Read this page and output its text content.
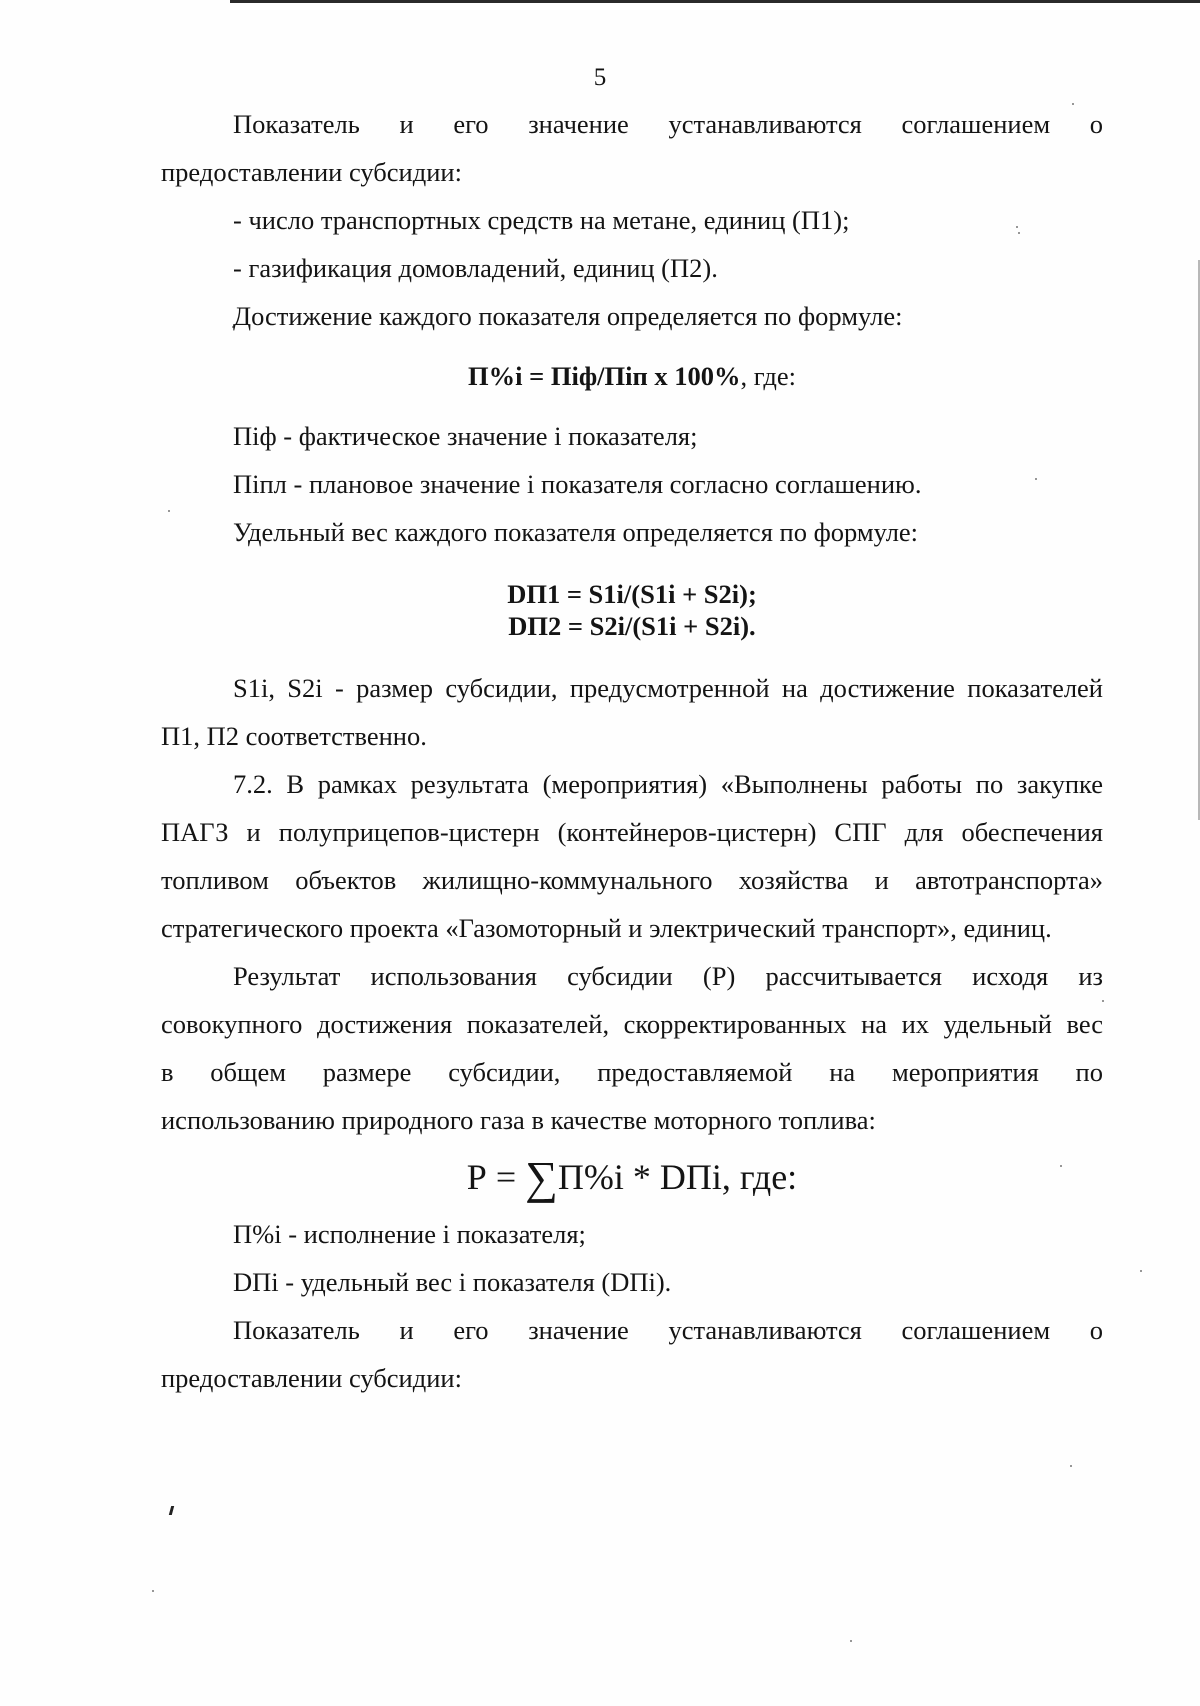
5
Показатель и его значение устанавливаются соглашением о
предоставлении субсидии:
- число транспортных средств на метане, единиц (П1);
- газификация домовладений, единиц (П2).
Достижение каждого показателя определяется по формуле:
П%i = Піф/Піп x 100%, где:
Піф - фактическое значение і показателя;
Піпл - плановое значение і показателя согласно соглашению.
Удельный вес каждого показателя определяется по формуле:
DП1 = S1i/(S1i + S2i);
DП2 = S2i/(S1i + S2i).
S1i, S2i - размер субсидии, предусмотренной на достижение показателей
П1, П2 соответственно.
7.2. В рамках результата (мероприятия) «Выполнены работы по закупке
ПАГЗ и полуприцепов-цистерн (контейнеров-цистерн) СПГ для обеспечения
топливом объектов жилищно-коммунального хозяйства и автотранспорта»
стратегического проекта «Газомоторный и электрический транспорт», единиц.
Результат использования субсидии (Р) рассчитывается исходя из
совокупного достижения показателей, скорректированных на их удельный вес
в общем размере субсидии, предоставляемой на мероприятия по
использованию природного газа в качестве моторного топлива:
Р = ∑П%i * DПi, где:
П%i - исполнение і показателя;
DПi - удельный вес і показателя (DПi).
Показатель и его значение устанавливаются соглашением о
предоставлении субсидии:
